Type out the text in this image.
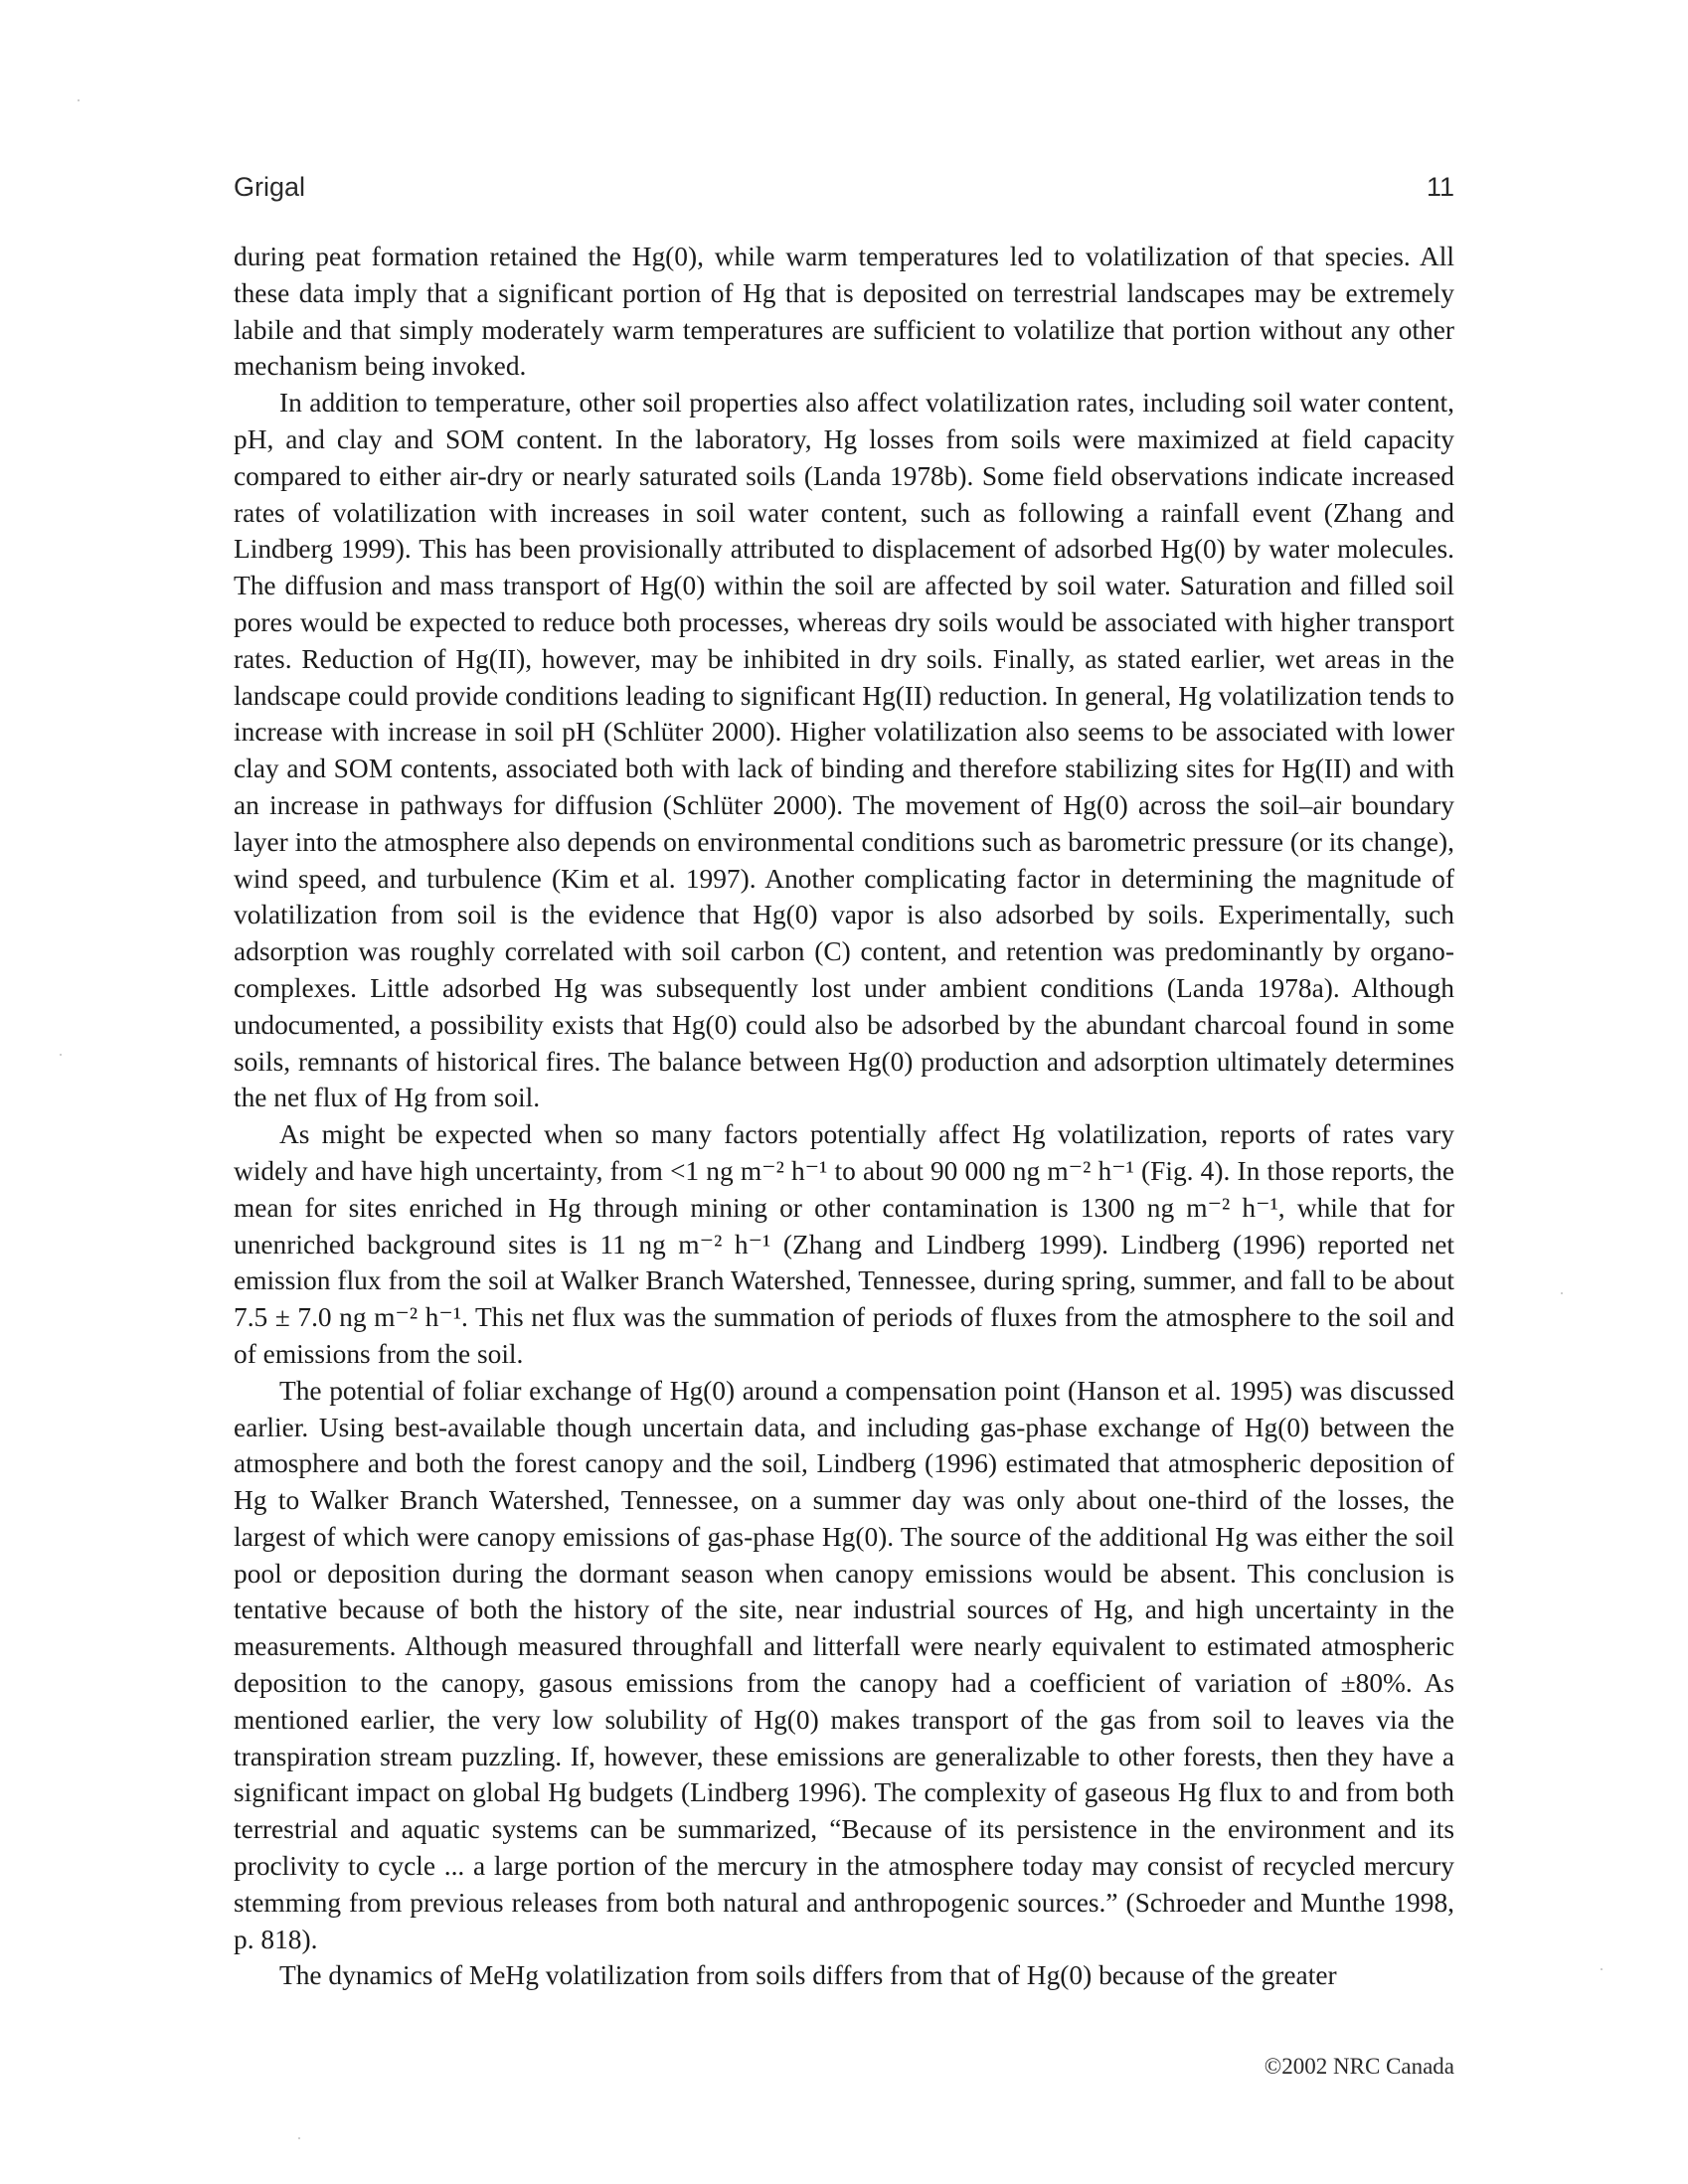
Grigal	11

during peat formation retained the Hg(0), while warm temperatures led to volatilization of that species. All these data imply that a significant portion of Hg that is deposited on terrestrial landscapes may be extremely labile and that simply moderately warm temperatures are sufficient to volatilize that portion without any other mechanism being invoked.

In addition to temperature, other soil properties also affect volatilization rates, including soil water content, pH, and clay and SOM content. In the laboratory, Hg losses from soils were maximized at field capacity compared to either air-dry or nearly saturated soils (Landa 1978b). Some field observations indicate increased rates of volatilization with increases in soil water content, such as following a rainfall event (Zhang and Lindberg 1999). This has been provisionally attributed to displacement of adsorbed Hg(0) by water molecules. The diffusion and mass transport of Hg(0) within the soil are affected by soil water. Saturation and filled soil pores would be expected to reduce both processes, whereas dry soils would be associated with higher transport rates. Reduction of Hg(II), however, may be inhibited in dry soils. Finally, as stated earlier, wet areas in the landscape could provide conditions leading to significant Hg(II) reduction. In general, Hg volatilization tends to increase with increase in soil pH (Schlüter 2000). Higher volatilization also seems to be associated with lower clay and SOM contents, associated both with lack of binding and therefore stabilizing sites for Hg(II) and with an increase in pathways for diffusion (Schlüter 2000). The movement of Hg(0) across the soil–air boundary layer into the atmosphere also depends on environmental conditions such as barometric pressure (or its change), wind speed, and turbulence (Kim et al. 1997). Another complicating factor in determining the magnitude of volatilization from soil is the evidence that Hg(0) vapor is also adsorbed by soils. Experimentally, such adsorption was roughly correlated with soil carbon (C) content, and retention was predominantly by organo-complexes. Little adsorbed Hg was subsequently lost under ambient conditions (Landa 1978a). Although undocumented, a possibility exists that Hg(0) could also be adsorbed by the abundant charcoal found in some soils, remnants of historical fires. The balance between Hg(0) production and adsorption ultimately determines the net flux of Hg from soil.

As might be expected when so many factors potentially affect Hg volatilization, reports of rates vary widely and have high uncertainty, from <1 ng m⁻² h⁻¹ to about 90 000 ng m⁻² h⁻¹ (Fig. 4). In those reports, the mean for sites enriched in Hg through mining or other contamination is 1300 ng m⁻² h⁻¹, while that for unenriched background sites is 11 ng m⁻² h⁻¹ (Zhang and Lindberg 1999). Lindberg (1996) reported net emission flux from the soil at Walker Branch Watershed, Tennessee, during spring, summer, and fall to be about 7.5 ± 7.0 ng m⁻² h⁻¹. This net flux was the summation of periods of fluxes from the atmosphere to the soil and of emissions from the soil.

The potential of foliar exchange of Hg(0) around a compensation point (Hanson et al. 1995) was discussed earlier. Using best-available though uncertain data, and including gas-phase exchange of Hg(0) between the atmosphere and both the forest canopy and the soil, Lindberg (1996) estimated that atmospheric deposition of Hg to Walker Branch Watershed, Tennessee, on a summer day was only about one-third of the losses, the largest of which were canopy emissions of gas-phase Hg(0). The source of the additional Hg was either the soil pool or deposition during the dormant season when canopy emissions would be absent. This conclusion is tentative because of both the history of the site, near industrial sources of Hg, and high uncertainty in the measurements. Although measured throughfall and litterfall were nearly equivalent to estimated atmospheric deposition to the canopy, gasous emissions from the canopy had a coefficient of variation of ±80%. As mentioned earlier, the very low solubility of Hg(0) makes transport of the gas from soil to leaves via the transpiration stream puzzling. If, however, these emissions are generalizable to other forests, then they have a significant impact on global Hg budgets (Lindberg 1996). The complexity of gaseous Hg flux to and from both terrestrial and aquatic systems can be summarized, “Because of its persistence in the environment and its proclivity to cycle ... a large portion of the mercury in the atmosphere today may consist of recycled mercury stemming from previous releases from both natural and anthropogenic sources.” (Schroeder and Munthe 1998, p. 818).

The dynamics of MeHg volatilization from soils differs from that of Hg(0) because of the greater

©2002 NRC Canada
